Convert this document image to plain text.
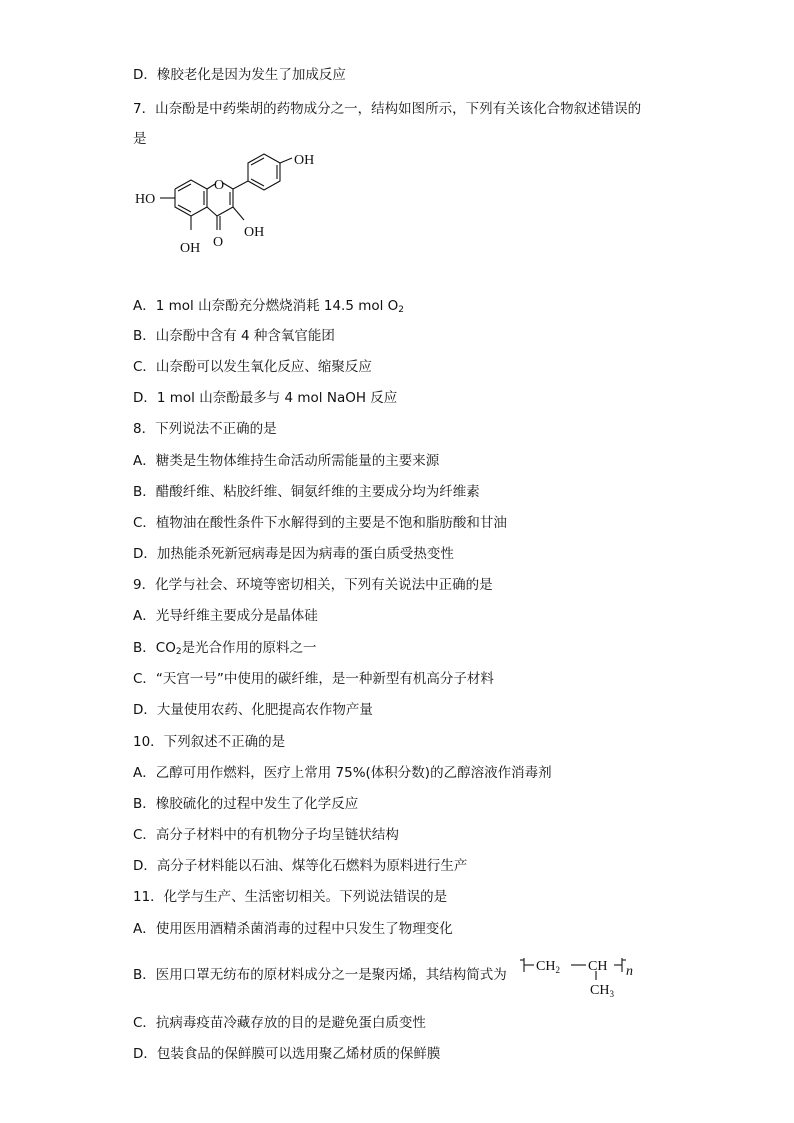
D．橡胶老化是因为发生了加成反应
7．山奈酚是中药柴胡的药物成分之一，结构如图所示，下列有关该化合物叙述错误的
是
OH
O
HO
OH
OH O
A．1 mol 山奈酚充分燃烧消耗 14.5 mol $O_2$
B．山奈酚中含有 4 种含氧官能团
C．山奈酚可以发生氧化反应、缩聚反应
D．1 mol 山奈酚最多与 4 mol NaOH 反应
8．下列说法不正确的是
A．糖类是生物体维持生命活动所需能量的主要来源
B．醋酸纤维、粘胶纤维、铜氨纤维的主要成分均为纤维素
C．植物油在酸性条件下水解得到的主要是不饱和脂肪酸和甘油
D．加热能杀死新冠病毒是因为病毒的蛋白质受热变性
9．化学与社会、环境等密切相关，下列有关说法中正确的是
A．光导纤维主要成分是晶体硅
B．$CO_2$是光合作用的原料之一
C．“天宫一号”中使用的碳纤维，是一种新型有机高分子材料
D．大量使用农药、化肥提高农作物产量
10．下列叙述不正确的是
A．乙醇可用作燃料，医疗上常用 75%(体积分数)的乙醇溶液作消毒剂
B．橡胶硫化的过程中发生了化学反应
C．高分子材料中的有机物分子均呈链状结构
D．高分子材料能以石油、煤等化石燃料为原料进行生产
11．化学与生产、生活密切相关。下列说法错误的是
A．使用医用酒精杀菌消毒的过程中只发生了物理变化
B．医用口罩无纺布的原材料成分之一是聚丙烯，其结构简式为
$CH_2$ CH n
$CH_3$
C．抗病毒疫苗冷藏存放的目的是避免蛋白质变性
D．包装食品的保鲜膜可以选用聚乙烯材质的保鲜膜
